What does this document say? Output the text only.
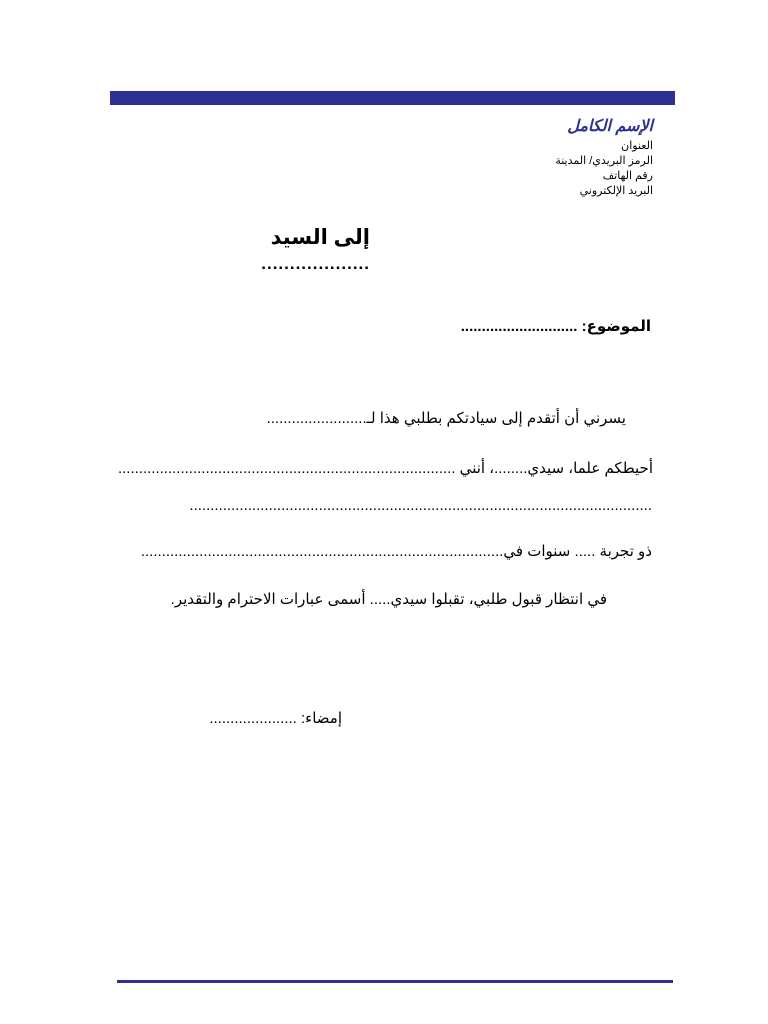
الإسم الكامل
العنوان
الرمز البريدي/ المدينة
رقم الهاتف
البريد الإلكتروني
إلى السيد
...................
الموضوع: ............................
يسرني أن أتقدم إلى سيادتكم بطلبي هذا لـ........................
أحيطكم علما، سيدي........، أنني .................................................................................
...............................................................................................................
ذو تجربة ..... سنوات في.......................................................................................
في انتظار قبول طلبي، تقبلوا سيدي..... أسمى عبارات الاحترام والتقدير.
إمضاء: .....................
